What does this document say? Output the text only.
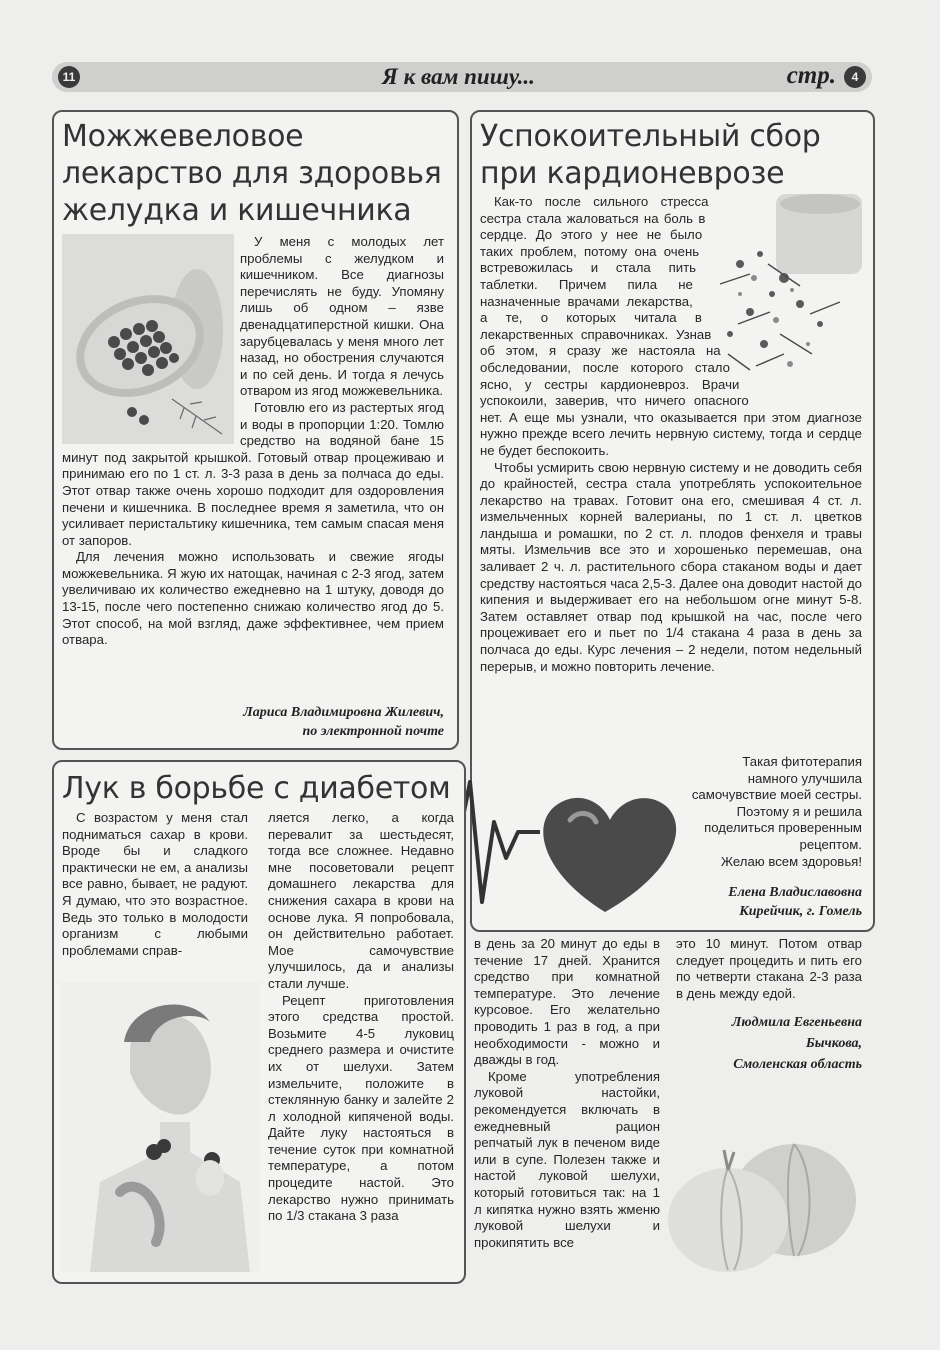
11	Я к вам пишу...	стр.	4
Можжевеловое
лекарство для здоровья
желудка и кишечника

У меня с молодых лет проблемы с желудком и кишечником. Все диагнозы перечислять не буду. Упомяну лишь об одном – язве двенадцатиперстной кишки. Она зарубцевалась у меня много лет назад, но обострения случаются и по сей день. И тогда я лечусь отваром из ягод можжевельника.

Готовлю его из растертых ягод и воды в пропорции 1:20. Томлю средство на водяной бане 15 минут под закрытой крышкой. Готовый отвар процеживаю и принимаю его по 1 ст. л. 3-3 раза в день за полчаса до еды. Этот отвар также очень хорошо подходит для оздоровления печени и кишечника. В последнее время я заметила, что он усиливает перистальтику кишечника, тем самым спасая меня от запоров.

Для лечения можно использовать и свежие ягоды можжевельника. Я жую их натощак, начиная с 2-3 ягод, затем увеличиваю их количество ежедневно на 1 штуку, доводя до 13-15, после чего постепенно снижаю количество ягод до 5. Этот способ, на мой взгляд, даже эффективнее, чем прием отвара.

Лариса Владимировна Жилевич,
по электронной почте
Успокоительный сбор
при кардионеврозе

Как-то после сильного стресса сестра стала жаловаться на боль в сердце. До этого у нее не было таких проблем, потому она очень встревожилась и стала пить таблетки. Причем пила не назначенные врачами лекарства, а те, о которых читала в лекарственных справочниках. Узнав об этом, я сразу же настояла на обследовании, после которого стало ясно, у сестры кардионевроз. Врачи успокоили, заверив, что ничего опасного нет. А еще мы узнали, что оказывается при этом диагнозе нужно прежде всего лечить нервную систему, тогда и сердце не будет беспокоить.

Чтобы усмирить свою нервную систему и не доводить себя до крайностей, сестра стала употреблять успокоительное лекарство на травах. Готовит она его, смешивая 4 ст. л. измельченных корней валерианы, по 1 ст. л. цветков ландыша и ромашки, по 2 ст. л. плодов фенхеля и травы мяты. Измельчив все это и хорошенько перемешав, она заливает 2 ч. л. растительного сбора стаканом воды и дает средству настояться часа 2,5-3. Далее она доводит настой до кипения и выдерживает его на небольшом огне минут 5-8. Затем оставляет отвар под крышкой на час, после чего процеживает его и пьет по 1/4 стакана 4 раза в день за полчаса до еды. Курс лечения – 2 недели, потом недельный перерыв, и можно повторить лечение.

Такая фитотерапия намного улучшила самочувствие моей сестры. Поэтому я и решила поделиться проверенным рецептом.

Желаю всем здоровья!

Елена Владиславовна
Кирейчик, г. Гомель
Лук в борьбе с диабетом

С возрастом у меня стал подниматься сахар в крови. Вроде бы и сладкого практически не ем, а анализы все равно, бывает, не радуют. Я думаю, что это возрастное. Ведь это только в молодости организм с любыми проблемами справ-

ляется легко, а когда перевалит за шестьдесят, тогда все сложнее. Недавно мне посоветовали рецепт домашнего лекарства для снижения сахара в крови на основе лука. Я попробовала, он действительно работает. Мое самочувствие улучшилось, да и анализы стали лучше.

Рецепт приготовления этого средства простой. Возьмите 4-5 луковиц среднего размера и очистите их от шелухи. Затем измельчите, положите в стеклянную банку и залейте 2 л холодной кипяченой воды. Дайте луку настояться в течение суток при комнатной температуре, а потом процедите настой. Это лекарство нужно принимать по 1/3 стакана 3 раза

в день за 20 минут до еды в течение 17 дней. Хранится средство при комнатной температуре. Это лечение курсовое. Его желательно проводить 1 раз в год, а при необходимости - можно и дважды в год.

Кроме употребления луковой настойки, рекомендуется включать в ежедневный рацион репчатый лук в печеном виде или в супе. Полезен также и настой луковой шелухи, который готовиться так: на 1 л кипятка нужно взять жменю луковой шелухи и прокипятить все

это 10 минут. Потом отвар следует процедить и пить его по четверти стакана 2-3 раза в день между едой.

Людмила Евгеньевна
Бычкова,
Смоленская область
